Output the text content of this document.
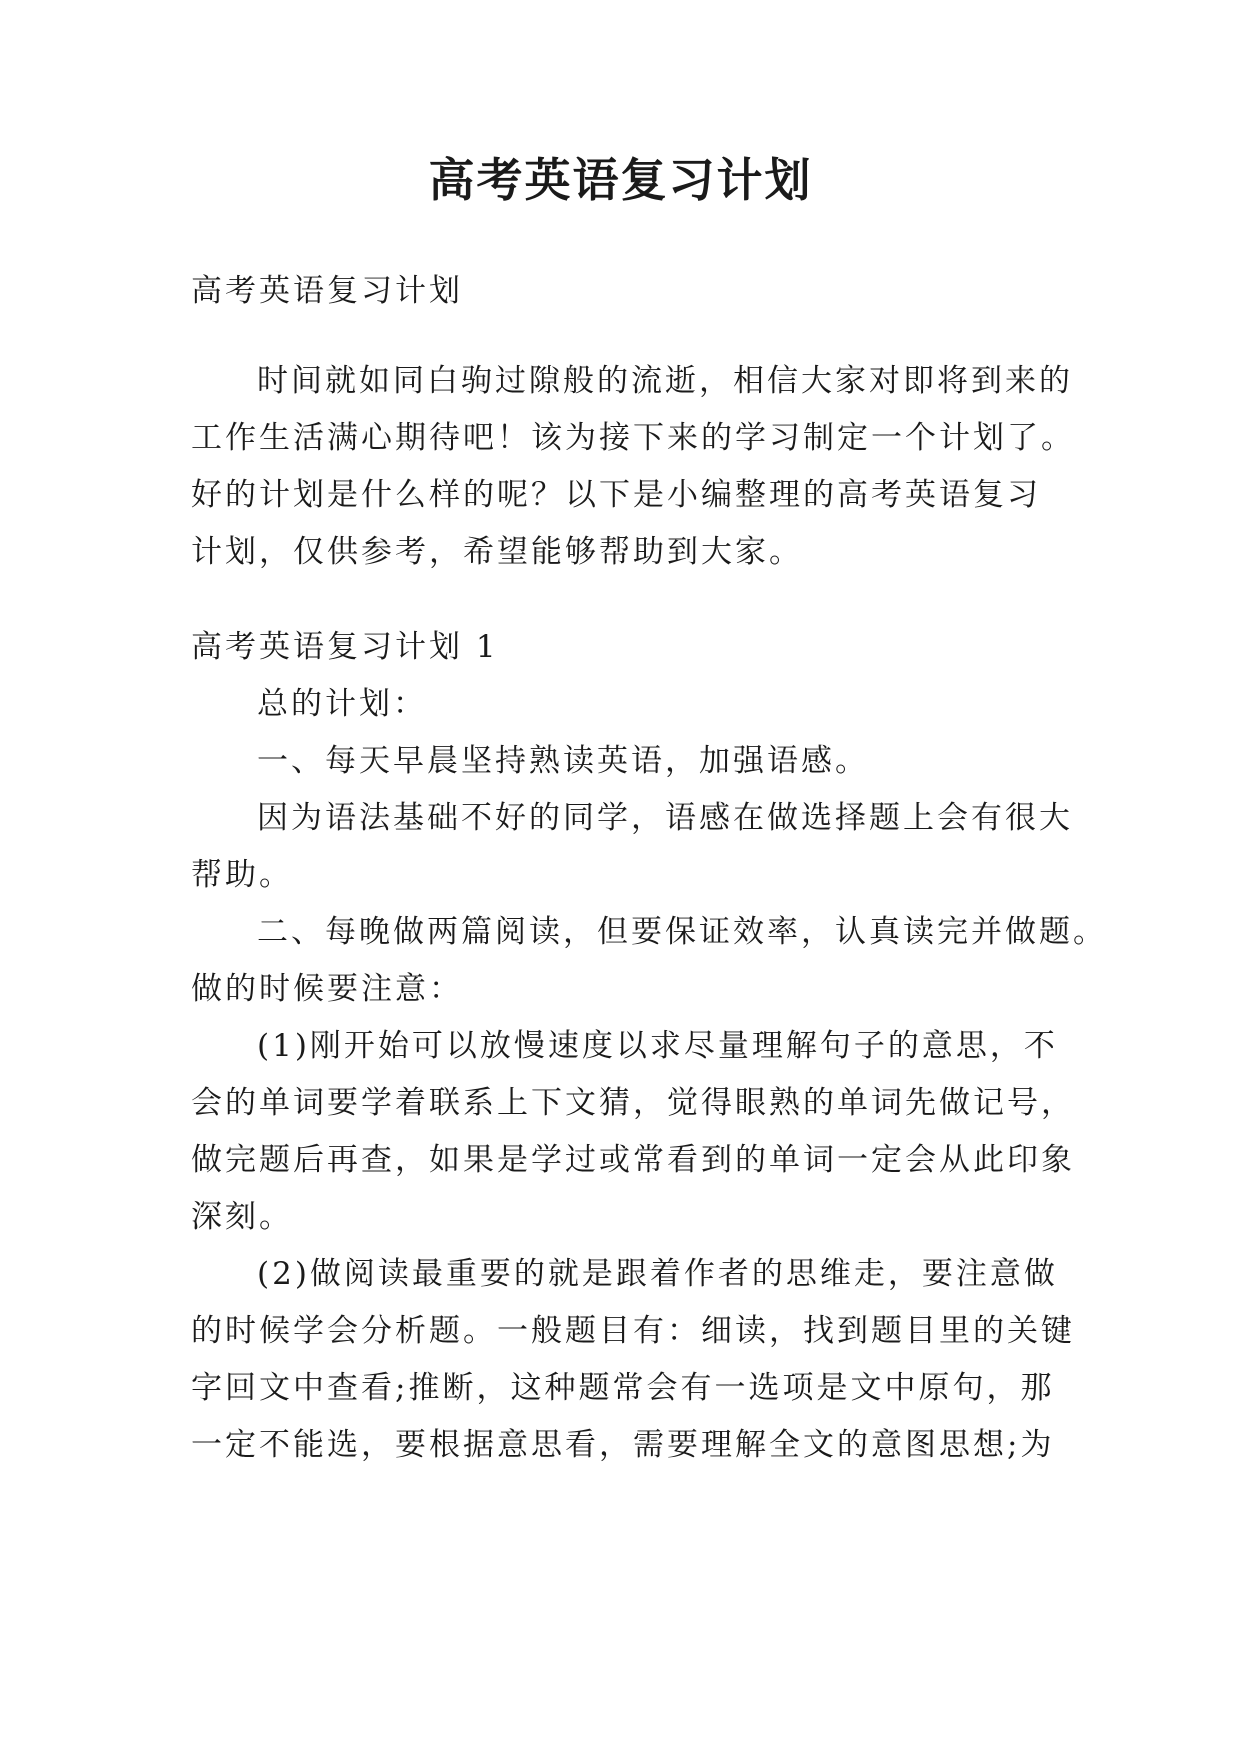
高考英语复习计划

高考英语复习计划

时间就如同白驹过隙般的流逝，相信大家对即将到来的
工作生活满心期待吧！该为接下来的学习制定一个计划了。
好的计划是什么样的呢？以下是小编整理的高考英语复习
计划，仅供参考，希望能够帮助到大家。

高考英语复习计划 1

总的计划：
一、每天早晨坚持熟读英语，加强语感。
因为语法基础不好的同学，语感在做选择题上会有很大
帮助。
二、每晚做两篇阅读，但要保证效率，认真读完并做题。
做的时候要注意：
(1)刚开始可以放慢速度以求尽量理解句子的意思，不
会的单词要学着联系上下文猜，觉得眼熟的单词先做记号，
做完题后再查，如果是学过或常看到的单词一定会从此印象
深刻。
(2)做阅读最重要的就是跟着作者的思维走，要注意做
的时候学会分析题。一般题目有：细读，找到题目里的关键
字回文中查看;推断，这种题常会有一选项是文中原句，那
一定不能选，要根据意思看，需要理解全文的意图思想;为
